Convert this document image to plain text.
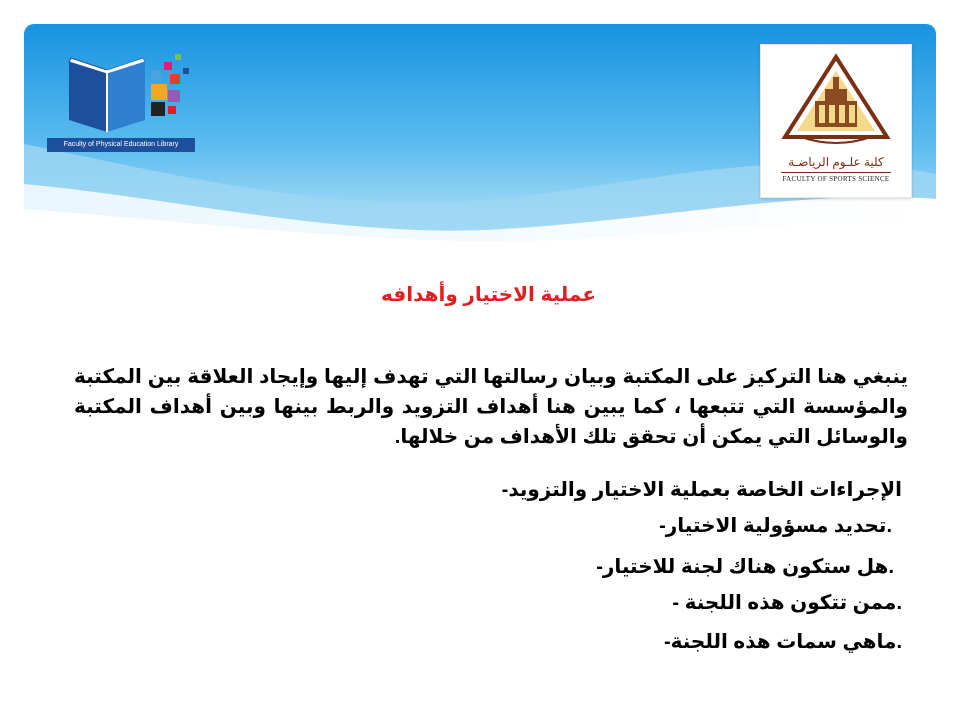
Faculty of Physical Education Library
كلية علـوم الرياضـة
FACULTY OF SPORTS SCIENCE
عملية الاختيار وأهدافه
ينبغي هنا التركيز على المكتبة وبيان رسالتها التي تهدف إليها وإيجاد العلاقة بين المكتبة والمؤسسة التي تتبعها ، كما يبين هنا أهداف التزويد والربط بينها وبين أهداف المكتبة والوسائل التي يمكن أن تحقق تلك الأهداف من خلالها.
-الإجراءات الخاصة بعملية الاختيار والتزويد
-تحديد مسؤولية الاختيار.
-هل ستكون هناك لجنة للاختيار.
- ممن تتكون هذه اللجنة.
-ماهي سمات هذه اللجنة.
